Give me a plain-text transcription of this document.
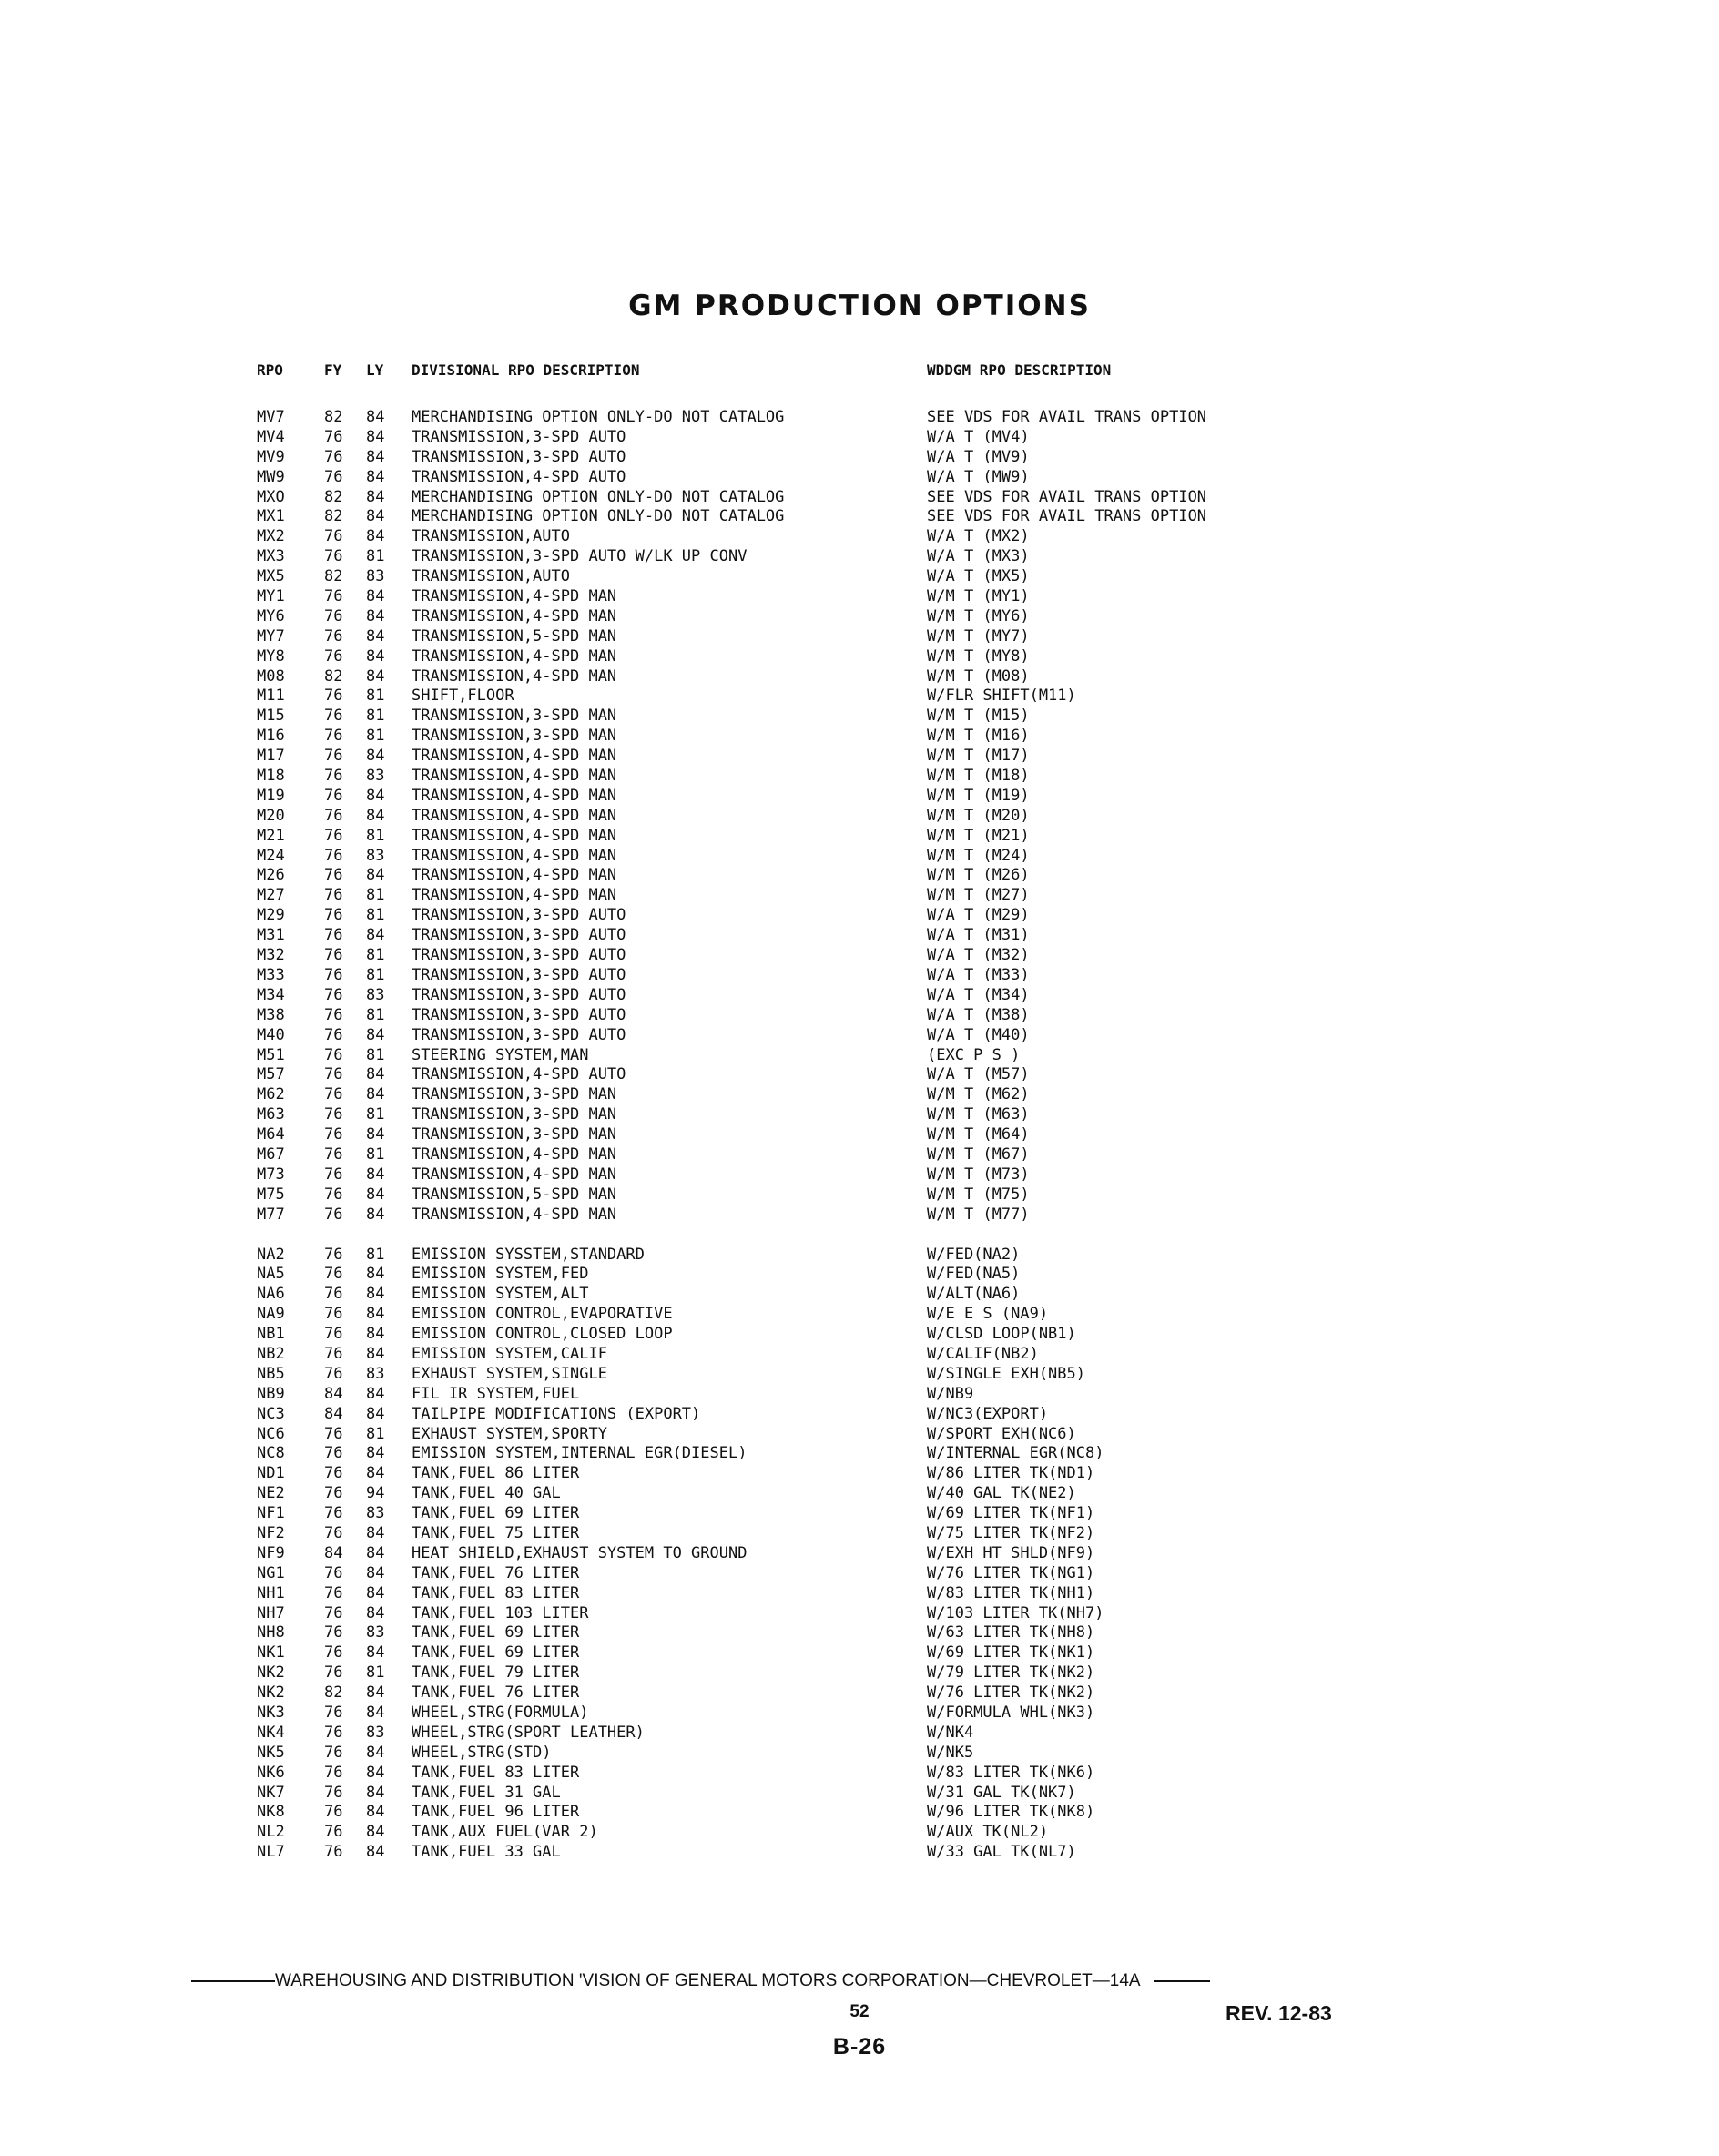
GM PRODUCTION OPTIONS
RPO	FY LY DIVISIONAL RPO DESCRIPTION	WDDGM RPO DESCRIPTION
MV7	82 84 MERCHANDISING OPTION ONLY-DO NOT CATALOG	SEE VDS FOR AVAIL TRANS OPTION
MV4	76 84 TRANSMISSION,3-SPD AUTO	W/A T (MV4)
MV9	76 84 TRANSMISSION,3-SPD AUTO	W/A T (MV9)
MW9	76 84 TRANSMISSION,4-SPD AUTO	W/A T (MW9)
MXO	82 84 MERCHANDISING OPTION ONLY-DO NOT CATALOG	SEE VDS FOR AVAIL TRANS OPTION
MX1	82 84 MERCHANDISING OPTION ONLY-DO NOT CATALOG	SEE VDS FOR AVAIL TRANS OPTION
MX2	76 84 TRANSMISSION,AUTO	W/A T (MX2)
MX3	76 81 TRANSMISSION,3-SPD AUTO W/LK UP CONV	W/A T (MX3)
MX5	82 83 TRANSMISSION,AUTO	W/A T (MX5)
MY1	76 84 TRANSMISSION,4-SPD MAN	W/M T (MY1)
MY6	76 84 TRANSMISSION,4-SPD MAN	W/M T (MY6)
MY7	76 84 TRANSMISSION,5-SPD MAN	W/M T (MY7)
MY8	76 84 TRANSMISSION,4-SPD MAN	W/M T (MY8)
M08	82 84 TRANSMISSION,4-SPD MAN	W/M T (M08)
M11	76 81 SHIFT,FLOOR	W/FLR SHIFT(M11)
M15	76 81 TRANSMISSION,3-SPD MAN	W/M T (M15)
M16	76 81 TRANSMISSION,3-SPD MAN	W/M T (M16)
M17	76 84 TRANSMISSION,4-SPD MAN	W/M T (M17)
M18	76 83 TRANSMISSION,4-SPD MAN	W/M T (M18)
M19	76 84 TRANSMISSION,4-SPD MAN	W/M T (M19)
M20	76 84 TRANSMISSION,4-SPD MAN	W/M T (M20)
M21	76 81 TRANSMISSION,4-SPD MAN	W/M T (M21)
M24	76 83 TRANSMISSION,4-SPD MAN	W/M T (M24)
M26	76 84 TRANSMISSION,4-SPD MAN	W/M T (M26)
M27	76 81 TRANSMISSION,4-SPD MAN	W/M T (M27)
M29	76 81 TRANSMISSION,3-SPD AUTO	W/A T (M29)
M31	76 84 TRANSMISSION,3-SPD AUTO	W/A T (M31)
M32	76 81 TRANSMISSION,3-SPD AUTO	W/A T (M32)
M33	76 81 TRANSMISSION,3-SPD AUTO	W/A T (M33)
M34	76 83 TRANSMISSION,3-SPD AUTO	W/A T (M34)
M38	76 81 TRANSMISSION,3-SPD AUTO	W/A T (M38)
M40	76 84 TRANSMISSION,3-SPD AUTO	W/A T (M40)
M51	76 81 STEERING SYSTEM,MAN	(EXC P S )
M57	76 84 TRANSMISSION,4-SPD AUTO	W/A T (M57)
M62	76 84 TRANSMISSION,3-SPD MAN	W/M T (M62)
M63	76 81 TRANSMISSION,3-SPD MAN	W/M T (M63)
M64	76 84 TRANSMISSION,3-SPD MAN	W/M T (M64)
M67	76 81 TRANSMISSION,4-SPD MAN	W/M T (M67)
M73	76 84 TRANSMISSION,4-SPD MAN	W/M T (M73)
M75	76 84 TRANSMISSION,5-SPD MAN	W/M T (M75)
M77	76 84 TRANSMISSION,4-SPD MAN	W/M T (M77)
NA2	76 81 EMISSION SYSSTEM,STANDARD	W/FED(NA2)
NA5	76 84 EMISSION SYSTEM,FED	W/FED(NA5)
NA6	76 84 EMISSION SYSTEM,ALT	W/ALT(NA6)
NA9	76 84 EMISSION CONTROL,EVAPORATIVE	W/E E S (NA9)
NB1	76 84 EMISSION CONTROL,CLOSED LOOP	W/CLSD LOOP(NB1)
NB2	76 84 EMISSION SYSTEM,CALIF	W/CALIF(NB2)
NB5	76 83 EXHAUST SYSTEM,SINGLE	W/SINGLE EXH(NB5)
NB9	84 84 FIL IR SYSTEM,FUEL	W/NB9
NC3	84 84 TAILPIPE MODIFICATIONS (EXPORT)	W/NC3(EXPORT)
NC6	76 81 EXHAUST SYSTEM,SPORTY	W/SPORT EXH(NC6)
NC8	76 84 EMISSION SYSTEM,INTERNAL EGR(DIESEL)	W/INTERNAL EGR(NC8)
ND1	76 84 TANK,FUEL 86 LITER	W/86 LITER TK(ND1)
NE2	76 94 TANK,FUEL 40 GAL	W/40 GAL TK(NE2)
NF1	76 83 TANK,FUEL 69 LITER	W/69 LITER TK(NF1)
NF2	76 84 TANK,FUEL 75 LITER	W/75 LITER TK(NF2)
NF9	84 84 HEAT SHIELD,EXHAUST SYSTEM TO GROUND	W/EXH HT SHLD(NF9)
NG1	76 84 TANK,FUEL 76 LITER	W/76 LITER TK(NG1)
NH1	76 84 TANK,FUEL 83 LITER	W/83 LITER TK(NH1)
NH7	76 84 TANK,FUEL 103 LITER	W/103 LITER TK(NH7)
NH8	76 83 TANK,FUEL 69 LITER	W/63 LITER TK(NH8)
NK1	76 84 TANK,FUEL 69 LITER	W/69 LITER TK(NK1)
NK2	76 81 TANK,FUEL 79 LITER	W/79 LITER TK(NK2)
NK2	82 84 TANK,FUEL 76 LITER	W/76 LITER TK(NK2)
NK3	76 84 WHEEL,STRG(FORMULA)	W/FORMULA WHL(NK3)
NK4	76 83 WHEEL,STRG(SPORT LEATHER)	W/NK4
NK5	76 84 WHEEL,STRG(STD)	W/NK5
NK6	76 84 TANK,FUEL 83 LITER	W/83 LITER TK(NK6)
NK7	76 84 TANK,FUEL 31 GAL	W/31 GAL TK(NK7)
NK8	76 84 TANK,FUEL 96 LITER	W/96 LITER TK(NK8)
NL2	76 84 TANK,AUX FUEL(VAR 2)	W/AUX TK(NL2)
NL7	76 84 TANK,FUEL 33 GAL	W/33 GAL TK(NL7)
WAREHOUSING AND DISTRIBUTION 'VISION OF GENERAL MOTORS CORPORATION—CHEVROLET—14A
52	REV. 12-83
B-26
